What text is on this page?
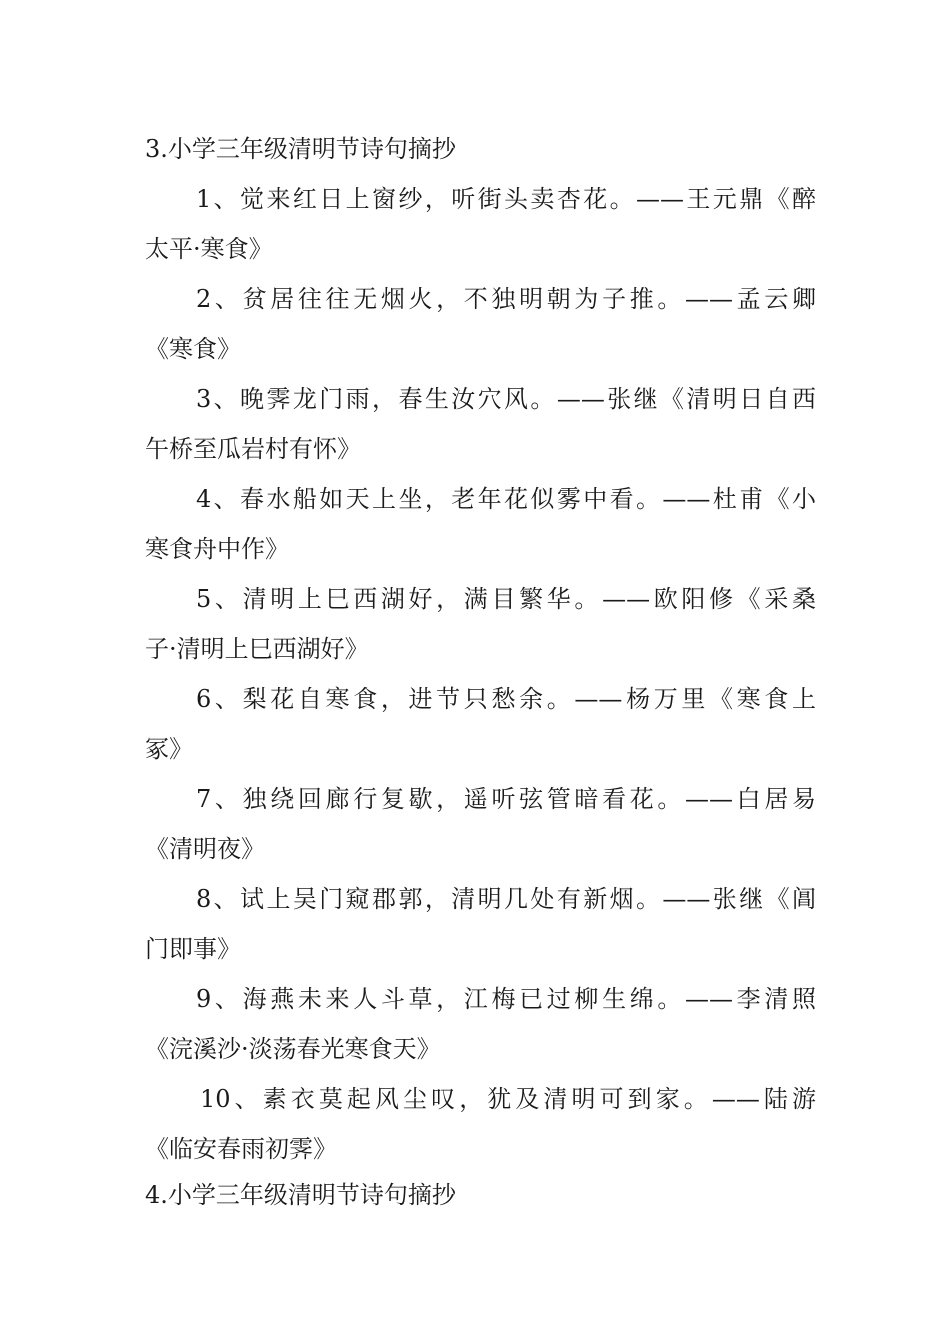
3.小学三年级清明节诗句摘抄
1、觉来红日上窗纱，听街头卖杏花。——王元鼎《醉
太平·寒食》
2、贫居往往无烟火，不独明朝为子推。——孟云卿
《寒食》
3、晚霁龙门雨，春生汝穴风。——张继《清明日自西
午桥至瓜岩村有怀》
4、春水船如天上坐，老年花似雾中看。——杜甫《小
寒食舟中作》
5、清明上巳西湖好，满目繁华。——欧阳修《采桑
子·清明上巳西湖好》
6、梨花自寒食，进节只愁余。——杨万里《寒食上
冢》
7、独绕回廊行复歇，遥听弦管暗看花。——白居易
《清明夜》
8、试上吴门窥郡郭，清明几处有新烟。——张继《阊
门即事》
9、海燕未来人斗草，江梅已过柳生绵。——李清照
《浣溪沙·淡荡春光寒食天》
10、素衣莫起风尘叹，犹及清明可到家。——陆游
《临安春雨初霁》
4.小学三年级清明节诗句摘抄
